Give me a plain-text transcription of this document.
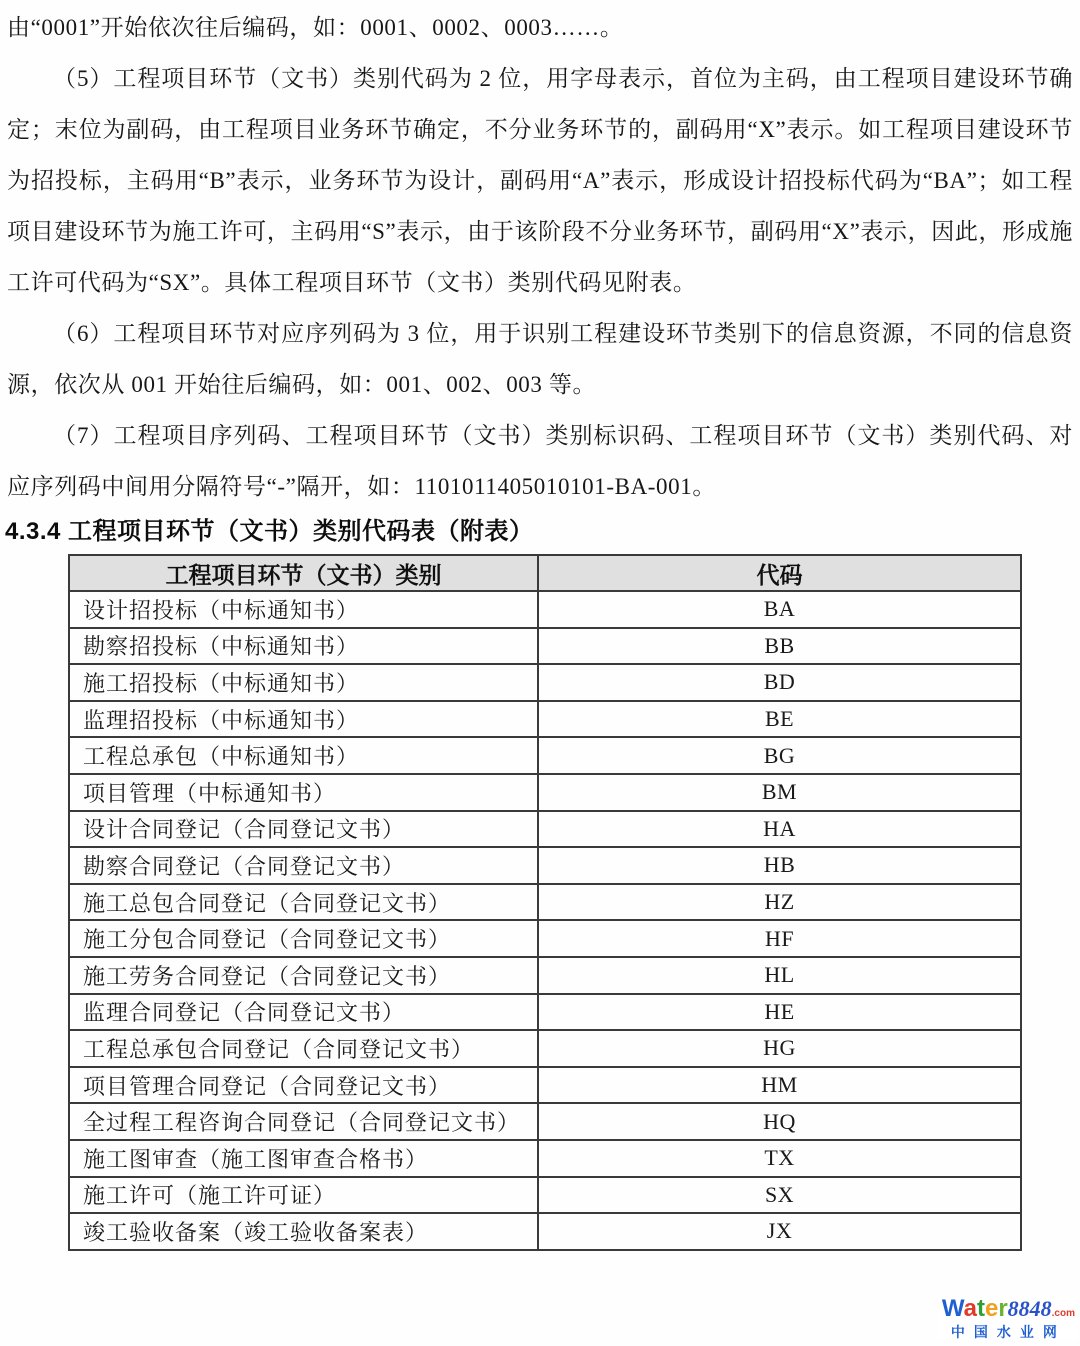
由“0001”开始依次往后编码，如：0001、0002、0003……。

（5）工程项目环节（文书）类别代码为 2 位，用字母表示，首位为主码，由工程项目建设环节确定；末位为副码，由工程项目业务环节确定，不分业务环节的，副码用“X”表示。如工程项目建设环节为招投标，主码用“B”表示，业务环节为设计，副码用“A”表示，形成设计招投标代码为“BA”；如工程项目建设环节为施工许可，主码用“S”表示，由于该阶段不分业务环节，副码用“X”表示，因此，形成施工许可代码为“SX”。具体工程项目环节（文书）类别代码见附表。

（6）工程项目环节对应序列码为 3 位，用于识别工程建设环节类别下的信息资源，不同的信息资源，依次从 001 开始往后编码，如：001、002、003 等。

（7）工程项目序列码、工程项目环节（文书）类别标识码、工程项目环节（文书）类别代码、对应序列码中间用分隔符号“-”隔开，如：1101011405010101-BA-001。

4.3.4 工程项目环节（文书）类别代码表（附表）
工程项目环节（文书）类别	代码
设计招投标（中标通知书）	BA
勘察招投标（中标通知书）	BB
施工招投标（中标通知书）	BD
监理招投标（中标通知书）	BE
工程总承包（中标通知书）	BG
项目管理（中标通知书）	BM
设计合同登记（合同登记文书）	HA
勘察合同登记（合同登记文书）	HB
施工总包合同登记（合同登记文书）	HZ
施工分包合同登记（合同登记文书）	HF
施工劳务合同登记（合同登记文书）	HL
监理合同登记（合同登记文书）	HE
工程总承包合同登记（合同登记文书）	HG
项目管理合同登记（合同登记文书）	HM
全过程工程咨询合同登记（合同登记文书）	HQ
施工图审查（施工图审查合格书）	TX
施工许可（施工许可证）	SX
竣工验收备案（竣工验收备案表）	JX
Water8848.com
中国水业网
